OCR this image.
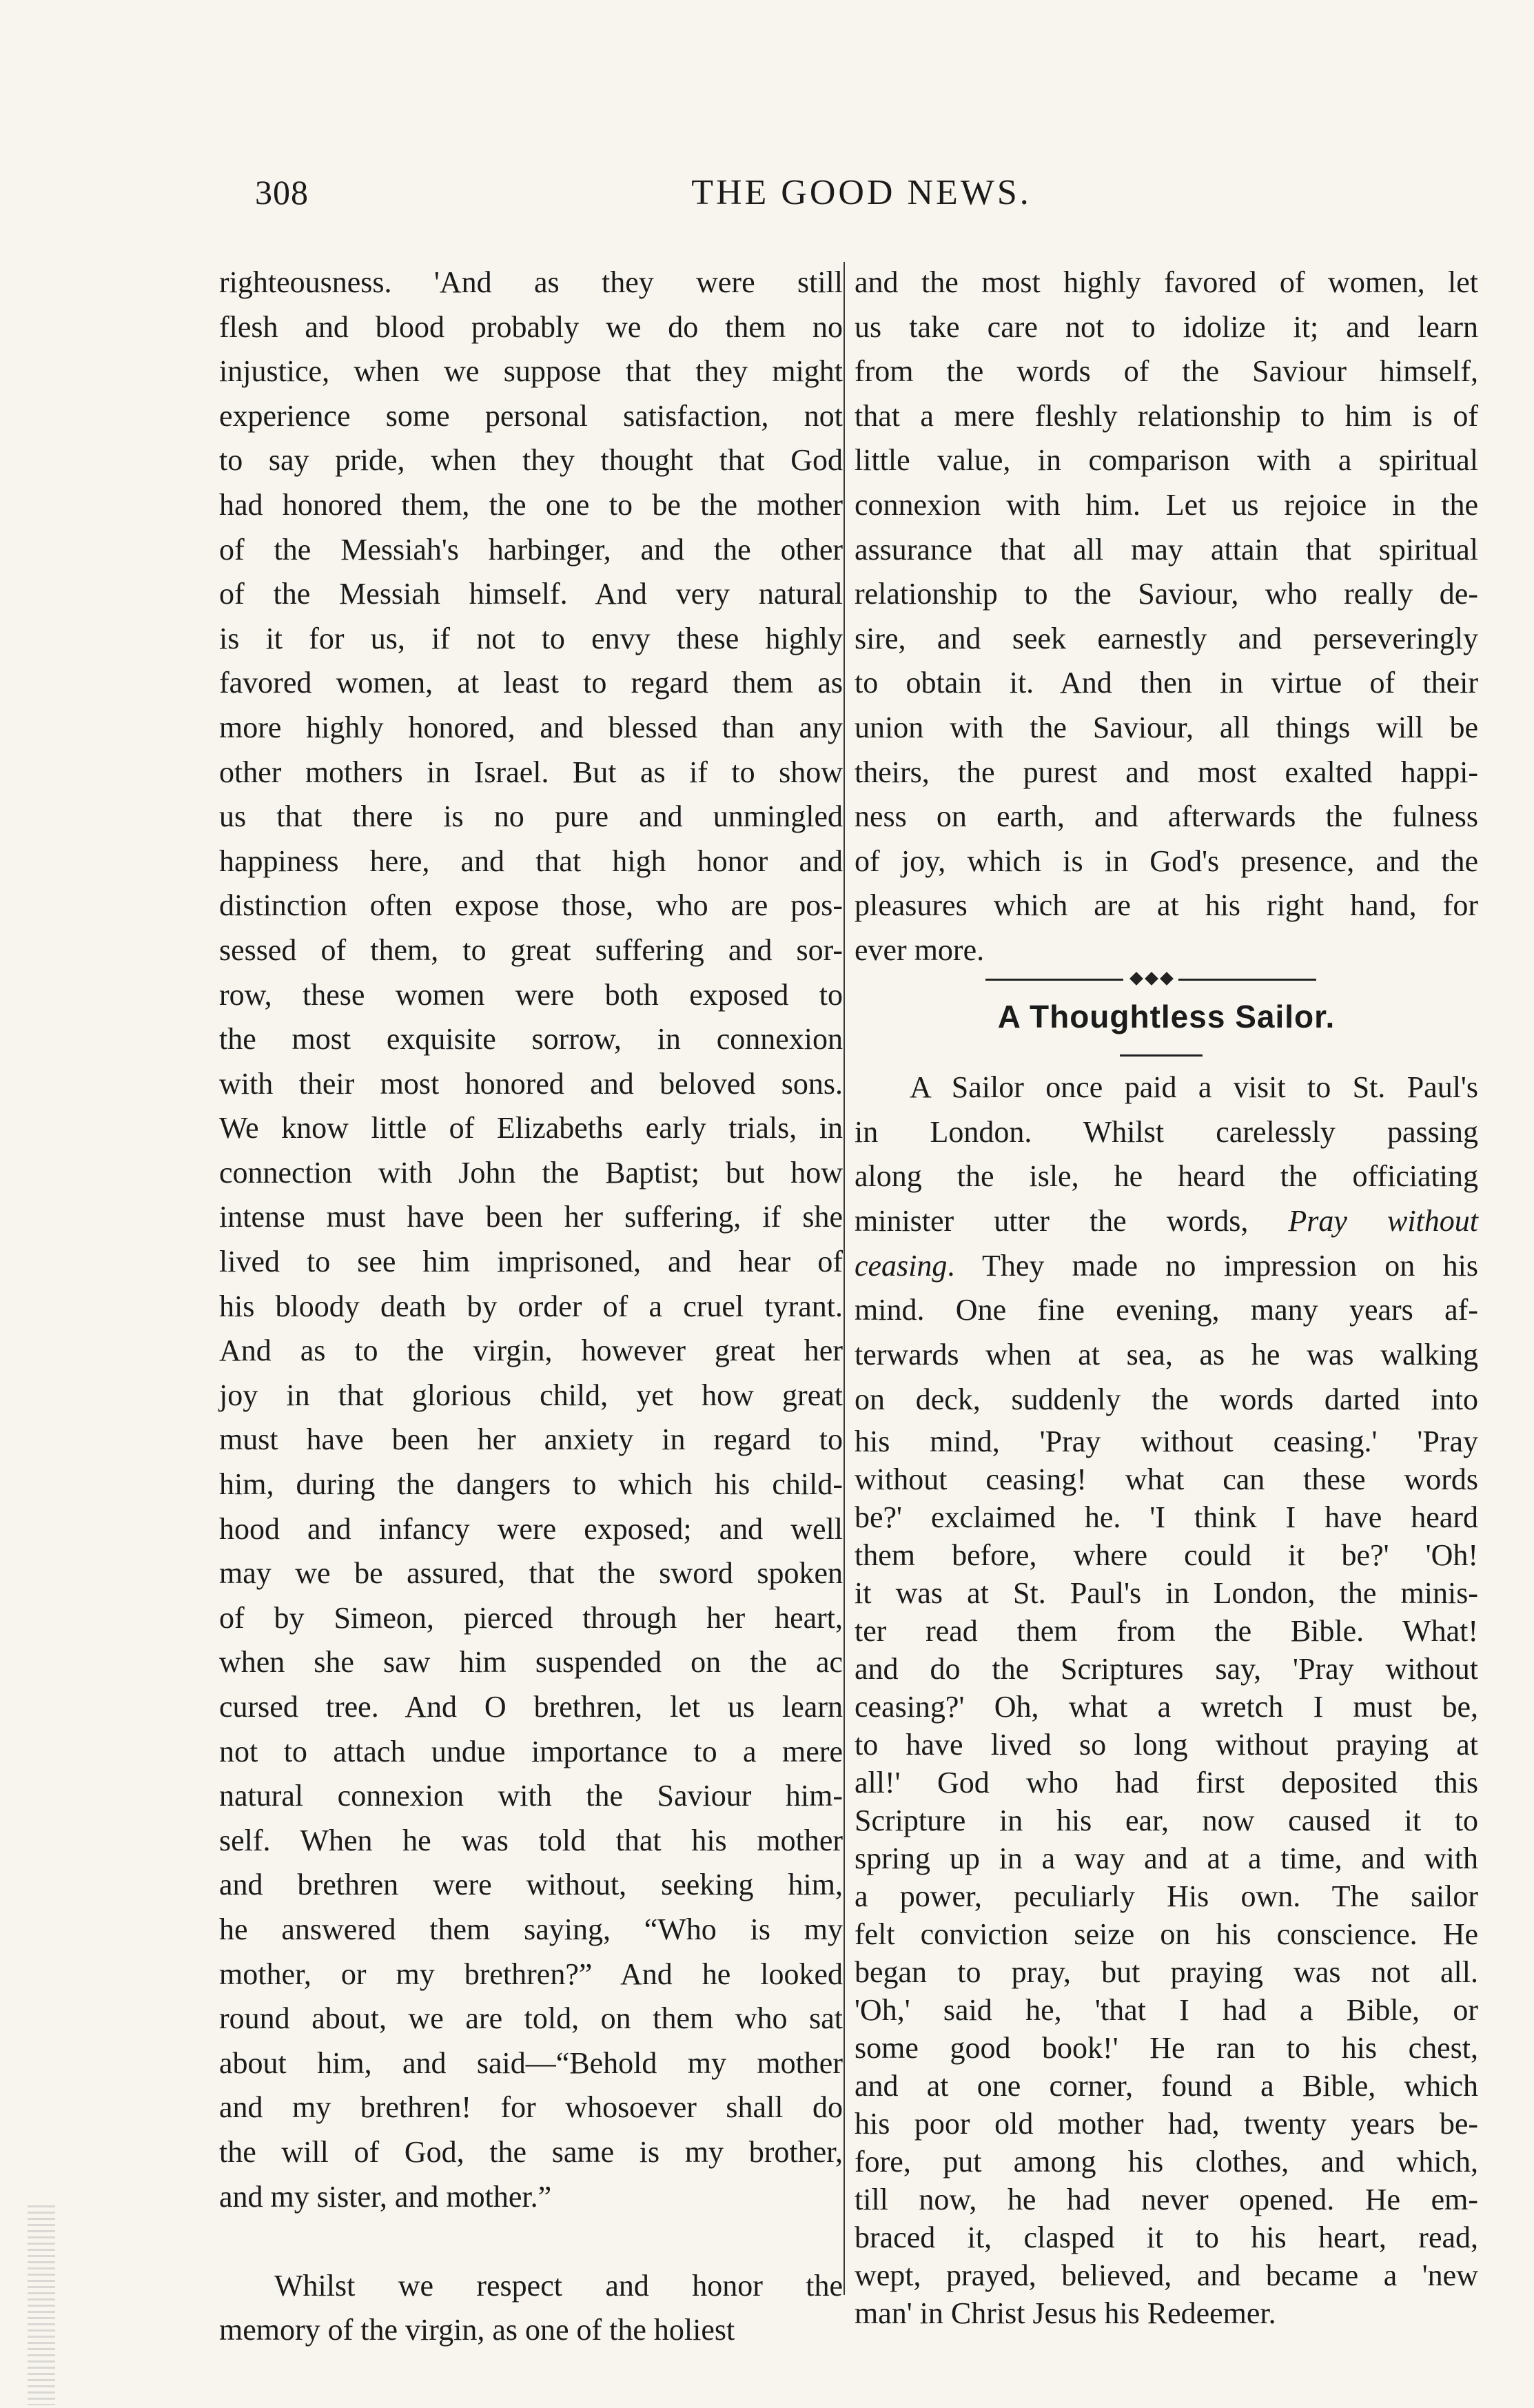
308	THE GOOD NEWS.
righteousness. 'And as they were still
flesh and blood probably we do them no
injustice, when we suppose that they might
experience some personal satisfaction, not
to say pride, when they thought that God
had honored them, the one to be the mother
of the Messiah's harbinger, and the other
of the Messiah himself. And very natural
is it for us, if not to envy these highly
favored women, at least to regard them as
more highly honored, and blessed than any
other mothers in Israel. But as if to show
us that there is no pure and unmingled
happiness here, and that high honor and
distinction often expose those, who are pos-
sessed of them, to great suffering and sor-
row, these women were both exposed to
the most exquisite sorrow, in connexion
with their most honored and beloved sons.
We know little of Elizabeths early trials, in
connection with John the Baptist; but how
intense must have been her suffering, if she
lived to see him imprisoned, and hear of
his bloody death by order of a cruel tyrant.
And as to the virgin, however great her
joy in that glorious child, yet how great
must have been her anxiety in regard to
him, during the dangers to which his child-
hood and infancy were exposed; and well
may we be assured, that the sword spoken
of by Simeon, pierced through her heart,
when she saw him suspended on the ac
cursed tree. And O brethren, let us learn
not to attach undue importance to a mere
natural connexion with the Saviour him-
self. When he was told that his mother
and brethren were without, seeking him,
he answered them saying, “Who is my
mother, or my brethren?” And he looked
round about, we are told, on them who sat
about him, and said—“Behold my mother
and my brethren! for whosoever shall do
the will of God, the same is my brother,
and my sister, and mother.”
Whilst we respect and honor the
memory of the virgin, as one of the holiest
and the most highly favored of women, let
us take care not to idolize it; and learn
from the words of the Saviour himself,
that a mere fleshly relationship to him is of
little value, in comparison with a spiritual
connexion with him. Let us rejoice in the
assurance that all may attain that spiritual
relationship to the Saviour, who really de-
sire, and seek earnestly and perseveringly
to obtain it. And then in virtue of their
union with the Saviour, all things will be
theirs, the purest and most exalted happi-
ness on earth, and afterwards the fulness
of joy, which is in God's presence, and the
pleasures which are at his right hand, for
ever more.
A Thoughtless Sailor.
A Sailor once paid a visit to St. Paul's
in London. Whilst carelessly passing
along the isle, he heard the officiating
minister utter the words, Pray without
ceasing. They made no impression on his
mind. One fine evening, many years af-
terwards when at sea, as he was walking
on deck, suddenly the words darted into
his mind, 'Pray without ceasing.' 'Pray
without ceasing! what can these words
be?' exclaimed he. 'I think I have heard
them before, where could it be?' 'Oh!
it was at St. Paul's in London, the minis-
ter read them from the Bible. What!
and do the Scriptures say, 'Pray without
ceasing?' Oh, what a wretch I must be,
to have lived so long without praying at
all!' God who had first deposited this
Scripture in his ear, now caused it to
spring up in a way and at a time, and with
a power, peculiarly His own. The sailor
felt conviction seize on his conscience. He
began to pray, but praying was not all.
'Oh,' said he, 'that I had a Bible, or
some good book!' He ran to his chest,
and at one corner, found a Bible, which
his poor old mother had, twenty years be-
fore, put among his clothes, and which,
till now, he had never opened. He em-
braced it, clasped it to his heart, read,
wept, prayed, believed, and became a 'new
man' in Christ Jesus his Redeemer.
